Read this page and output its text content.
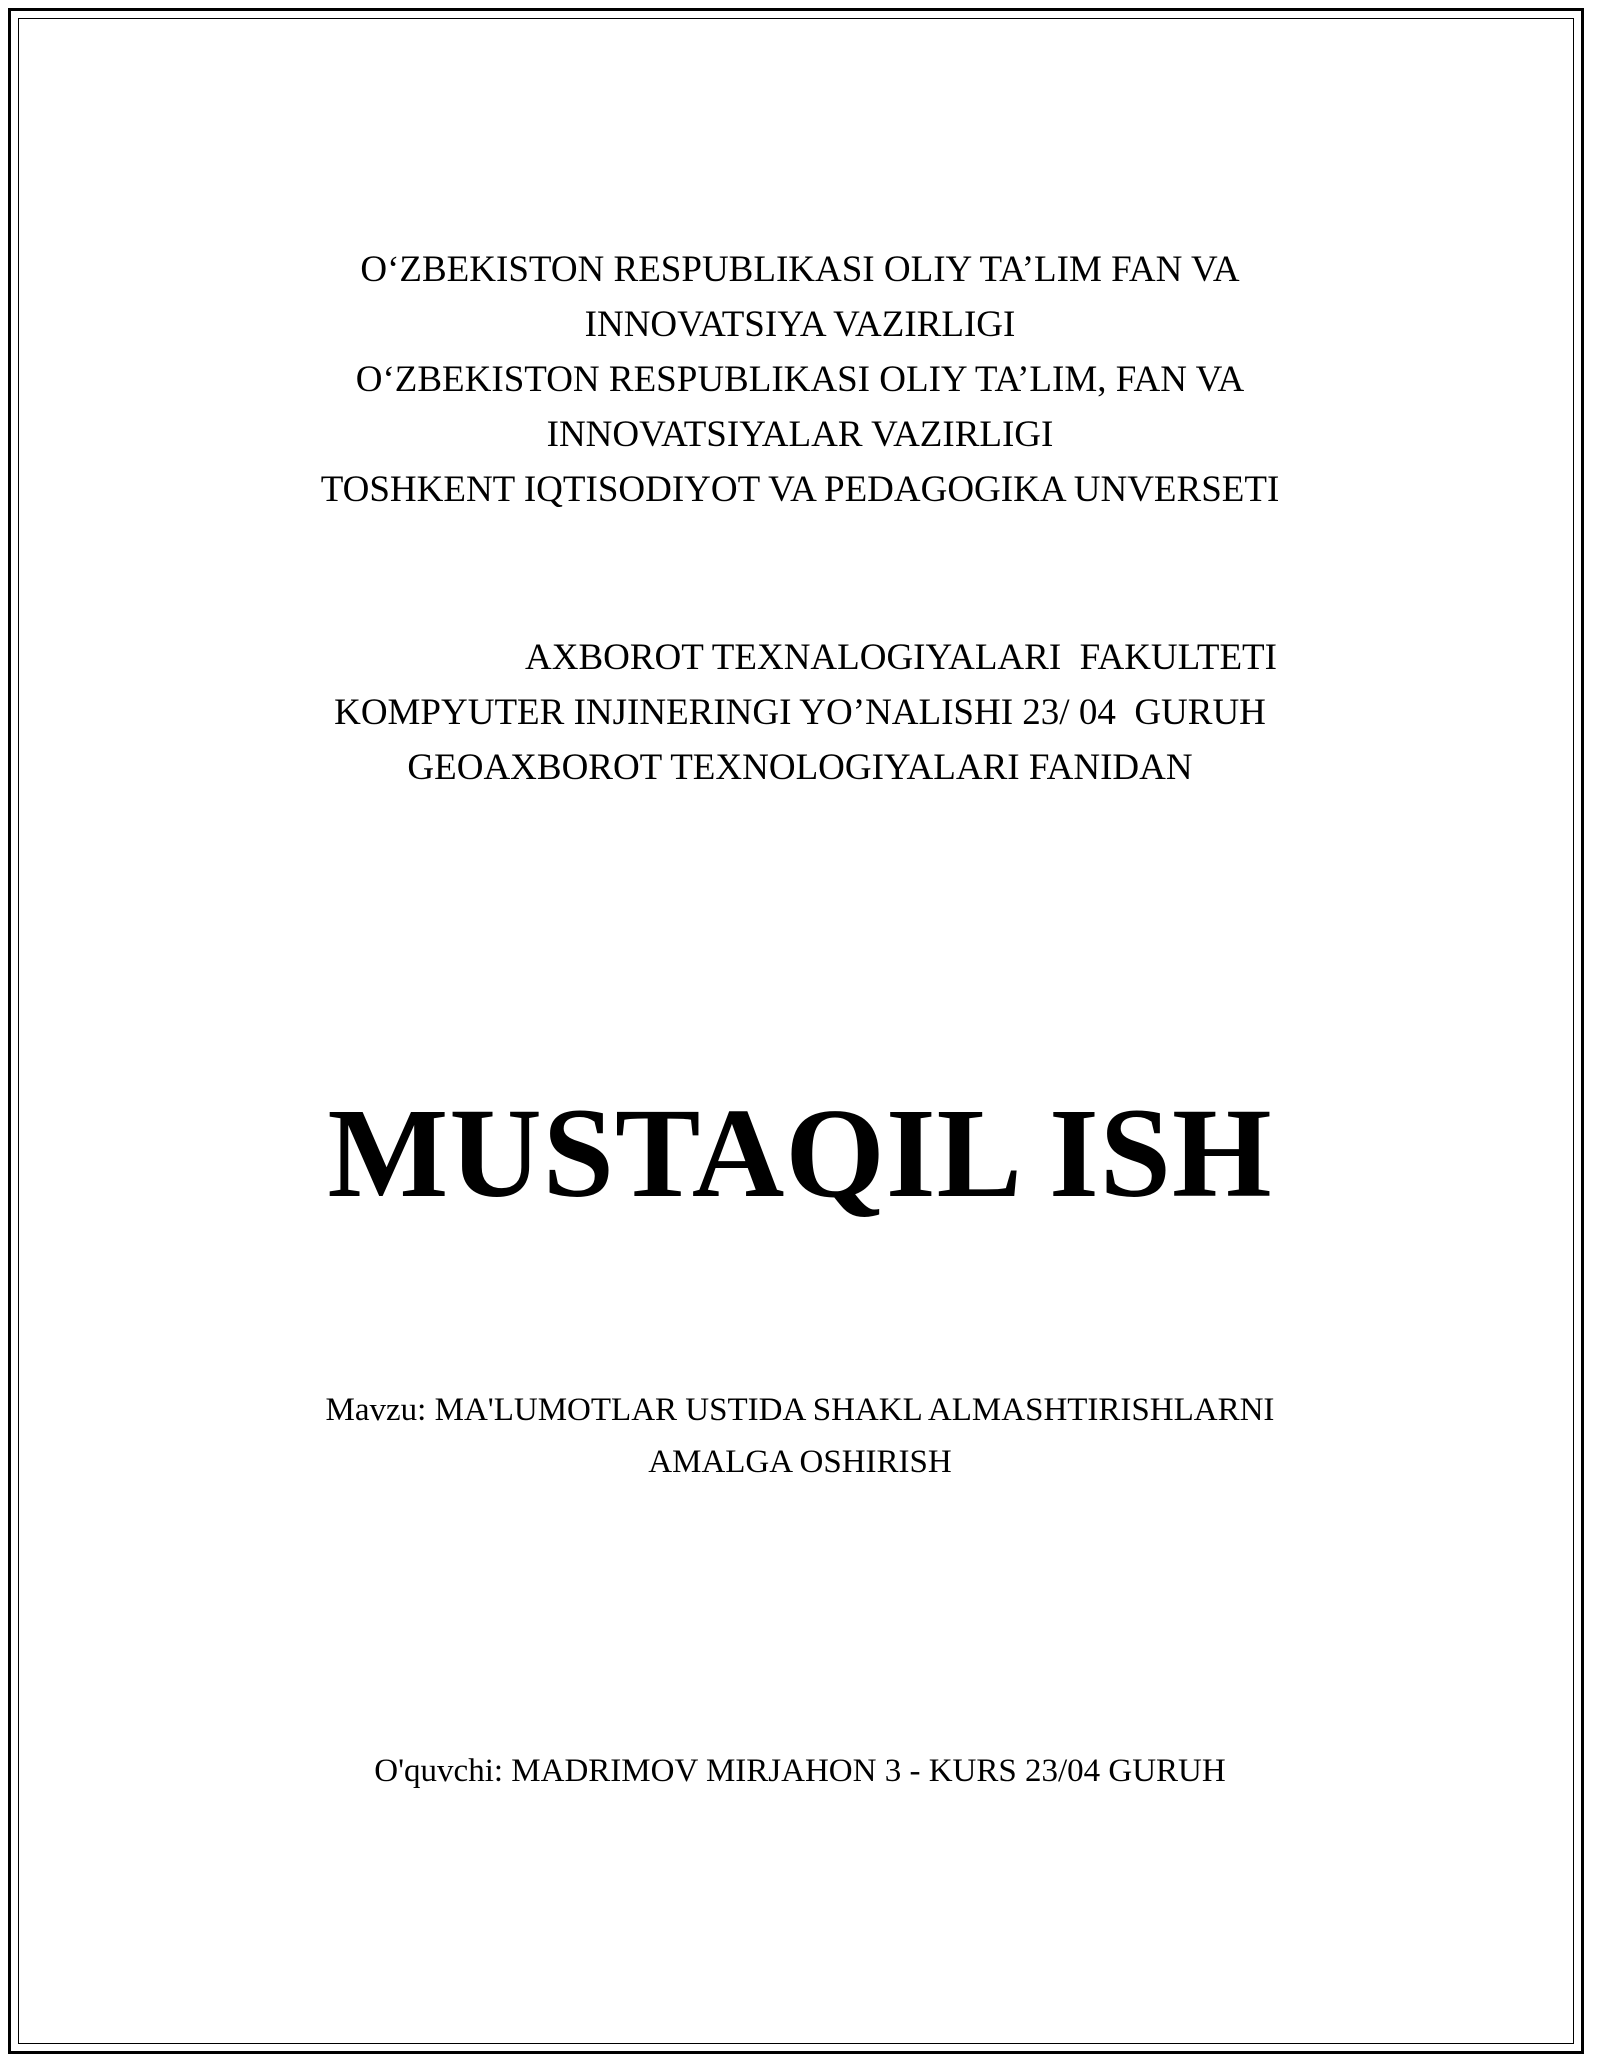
O‘ZBEKISTON RESPUBLIKASI OLIY TA’LIM FAN VA
INNOVATSIYA VAZIRLIGI
O‘ZBEKISTON RESPUBLIKASI OLIY TA’LIM, FAN VA
INNOVATSIYALAR VAZIRLIGI
TOSHKENT IQTISODIYOT VA PEDAGOGIKA UNVERSETI
AXBOROT TEXNALOGIYALARI  FAKULTETI
KOMPYUTER INJINERINGI YO’NALISHI 23/ 04  GURUH
GEOAXBOROT TEXNOLOGIYALARI FANIDAN
MUSTAQIL ISH
Mavzu: MA'LUMOTLAR USTIDA SHAKL ALMASHTIRISHLARNI
AMALGA OSHIRISH
O'quvchi: MADRIMOV MIRJAHON 3 - KURS 23/04 GURUH
